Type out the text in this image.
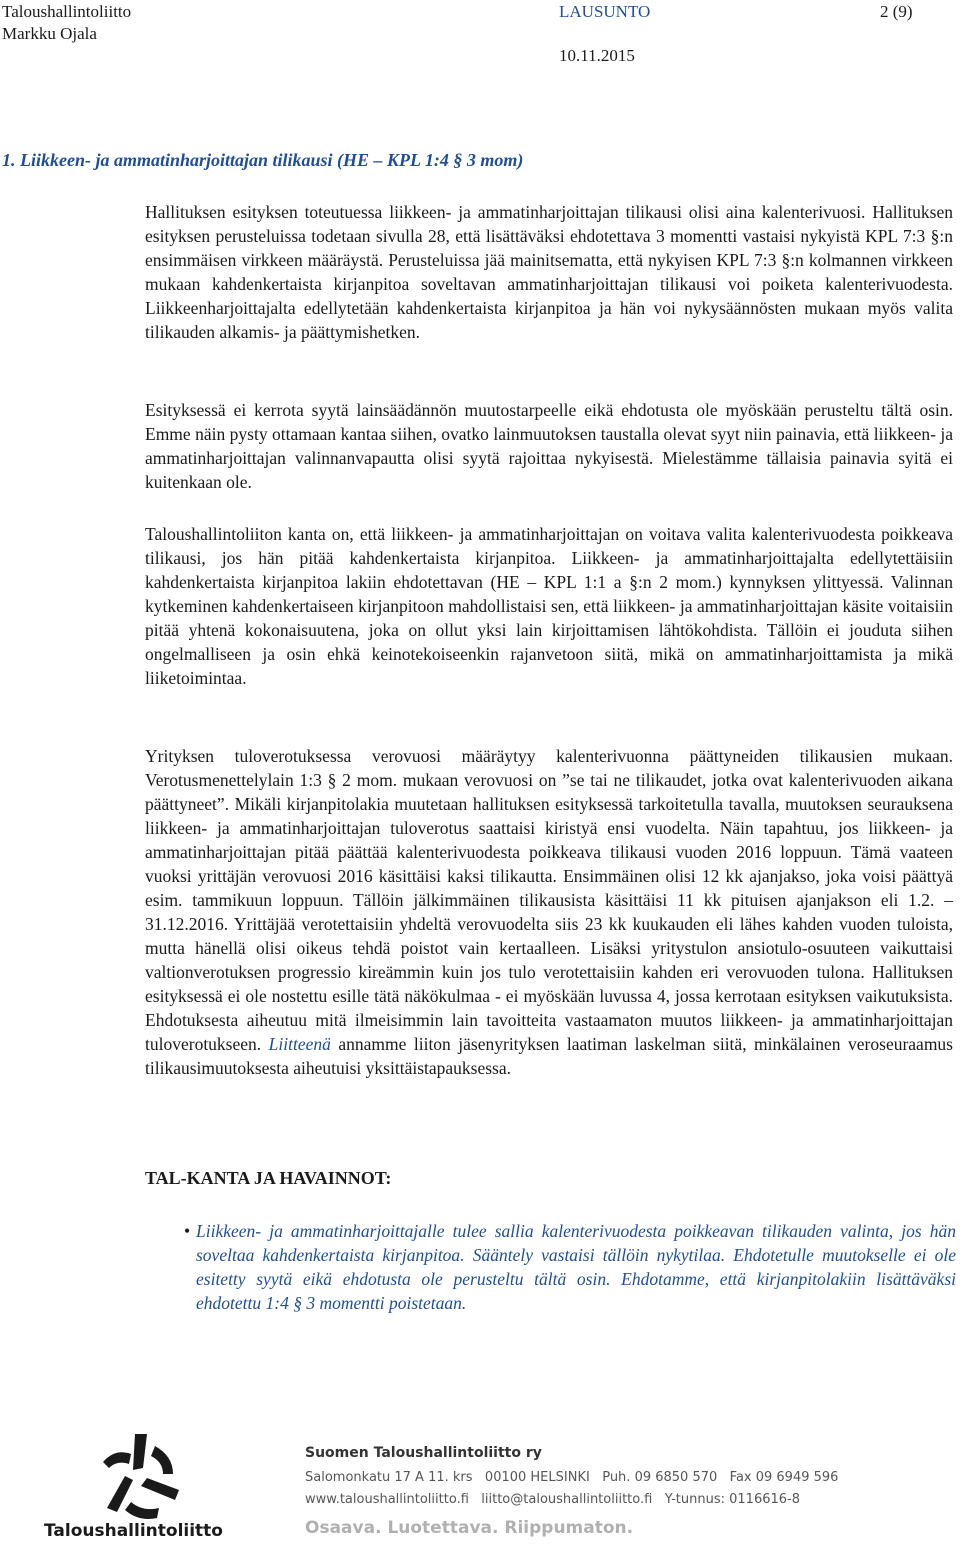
Taloushallintoliitto
Markku Ojala
LAUSUNTO
10.11.2015
2 (9)
1. Liikkeen- ja ammatinharjoittajan tilikausi (HE – KPL 1:4 § 3 mom)

Hallituksen esityksen toteutuessa liikkeen- ja ammatinharjoittajan tilikausi olisi aina kalenterivuosi. Hallituksen esityksen perusteluissa todetaan sivulla 28, että lisättäväksi ehdotettava 3 momentti vastaisi nykyistä KPL 7:3 §:n ensimmäisen virkkeen määräystä. Perusteluissa jää mainitsematta, että nykyisen KPL 7:3 §:n kolmannen virkkeen mukaan kahdenkertaista kirjanpitoa soveltavan ammatinharjoittajan tilikausi voi poiketa kalenterivuodesta. Liikkeenharjoittajalta edellytetään kahdenkertaista kirjanpitoa ja hän voi nykysäännösten mukaan myös valita tilikauden alkamis- ja päättymishetken.

Esityksessä ei kerrota syytä lainsäädännön muutostarpeelle eikä ehdotusta ole myöskään perusteltu tältä osin. Emme näin pysty ottamaan kantaa siihen, ovatko lainmuutoksen taustalla olevat syyt niin painavia, että liikkeen- ja ammatinharjoittajan valinnanvapautta olisi syytä rajoittaa nykyisestä. Mielestämme tällaisia painavia syitä ei kuitenkaan ole.

Taloushallintoliiton kanta on, että liikkeen- ja ammatinharjoittajan on voitava valita kalenterivuodesta poikkeava tilikausi, jos hän pitää kahdenkertaista kirjanpitoa. Liikkeen- ja ammatinharjoittajalta edellytettäisiin kahdenkertaista kirjanpitoa lakiin ehdotettavan (HE – KPL 1:1 a §:n 2 mom.) kynnyksen ylittyessä. Valinnan kytkeminen kahdenkertaiseen kirjanpitoon mahdollistaisi sen, että liikkeen- ja ammatinharjoittajan käsite voitaisiin pitää yhtenä kokonaisuutena, joka on ollut yksi lain kirjoittamisen lähtökohdista. Tällöin ei jouduta siihen ongelmalliseen ja osin ehkä keinotekoiseenkin rajanvetoon siitä, mikä on ammatinharjoittamista ja mikä liiketoimintaa.

Yrityksen tuloverotuksessa verovuosi määräytyy kalenterivuonna päättyneiden tilikausien mukaan. Verotusmenettelylain 1:3 § 2 mom. mukaan verovuosi on ”se tai ne tilikaudet, jotka ovat kalenterivuoden aikana päättyneet”. Mikäli kirjanpitolakia muutetaan hallituksen esityksessä tarkoitetulla tavalla, muutoksen seurauksena liikkeen- ja ammatinharjoittajan tuloverotus saattaisi kiristyä ensi vuodelta. Näin tapahtuu, jos liikkeen- ja ammatinharjoittajan pitää päättää kalenterivuodesta poikkeava tilikausi vuoden 2016 loppuun. Tämä vaateen vuoksi yrittäjän verovuosi 2016 käsittäisi kaksi tilikautta. Ensimmäinen olisi 12 kk ajanjakso, joka voisi päättyä esim. tammikuun loppuun. Tällöin jälkimmäinen tilikausista käsittäisi 11 kk pituisen ajanjakson eli 1.2. – 31.12.2016. Yrittäjää verotettaisiin yhdeltä verovuodelta siis 23 kk kuukauden eli lähes kahden vuoden tuloista, mutta hänellä olisi oikeus tehdä poistot vain kertaalleen. Lisäksi yritystulon ansiotulo-osuuteen vaikuttaisi valtionverotuksen progressio kireämmin kuin jos tulo verotettaisiin kahden eri verovuoden tulona. Hallituksen esityksessä ei ole nostettu esille tätä näkökulmaa - ei myöskään luvussa 4, jossa kerrotaan esityksen vaikutuksista. Ehdotuksesta aiheutuu mitä ilmeisimmin lain tavoitteita vastaamaton muutos liikkeen- ja ammatinharjoittajan tuloverotukseen. Liitteenä annamme liiton jäsenyrityksen laatiman laskelman siitä, minkälainen veroseuraamus tilikausimuutoksesta aiheutuisi yksittäistapauksessa.

TAL-KANTA JA HAVAINNOT:
• Liikkeen- ja ammatinharjoittajalle tulee sallia kalenterivuodesta poikkeavan tilikauden valinta, jos hän soveltaa kahdenkertaista kirjanpitoa. Sääntely vastaisi tällöin nykytilaa. Ehdotetulle muutokselle ei ole esitetty syytä eikä ehdotusta ole perusteltu tältä osin. Ehdotamme, että kirjanpitolakiin lisättäväksi ehdotettu 1:4 § 3 momentti poistetaan.
Taloushallintoliitto
Suomen Taloushallintoliitto ry
Salomonkatu 17 A 11. krs   00100 HELSINKI   Puh. 09 6850 570   Fax 09 6949 596
www.taloushallintoliitto.fi   liitto@taloushallintoliitto.fi   Y-tunnus: 0116616-8
Osaava. Luotettava. Riippumaton.
